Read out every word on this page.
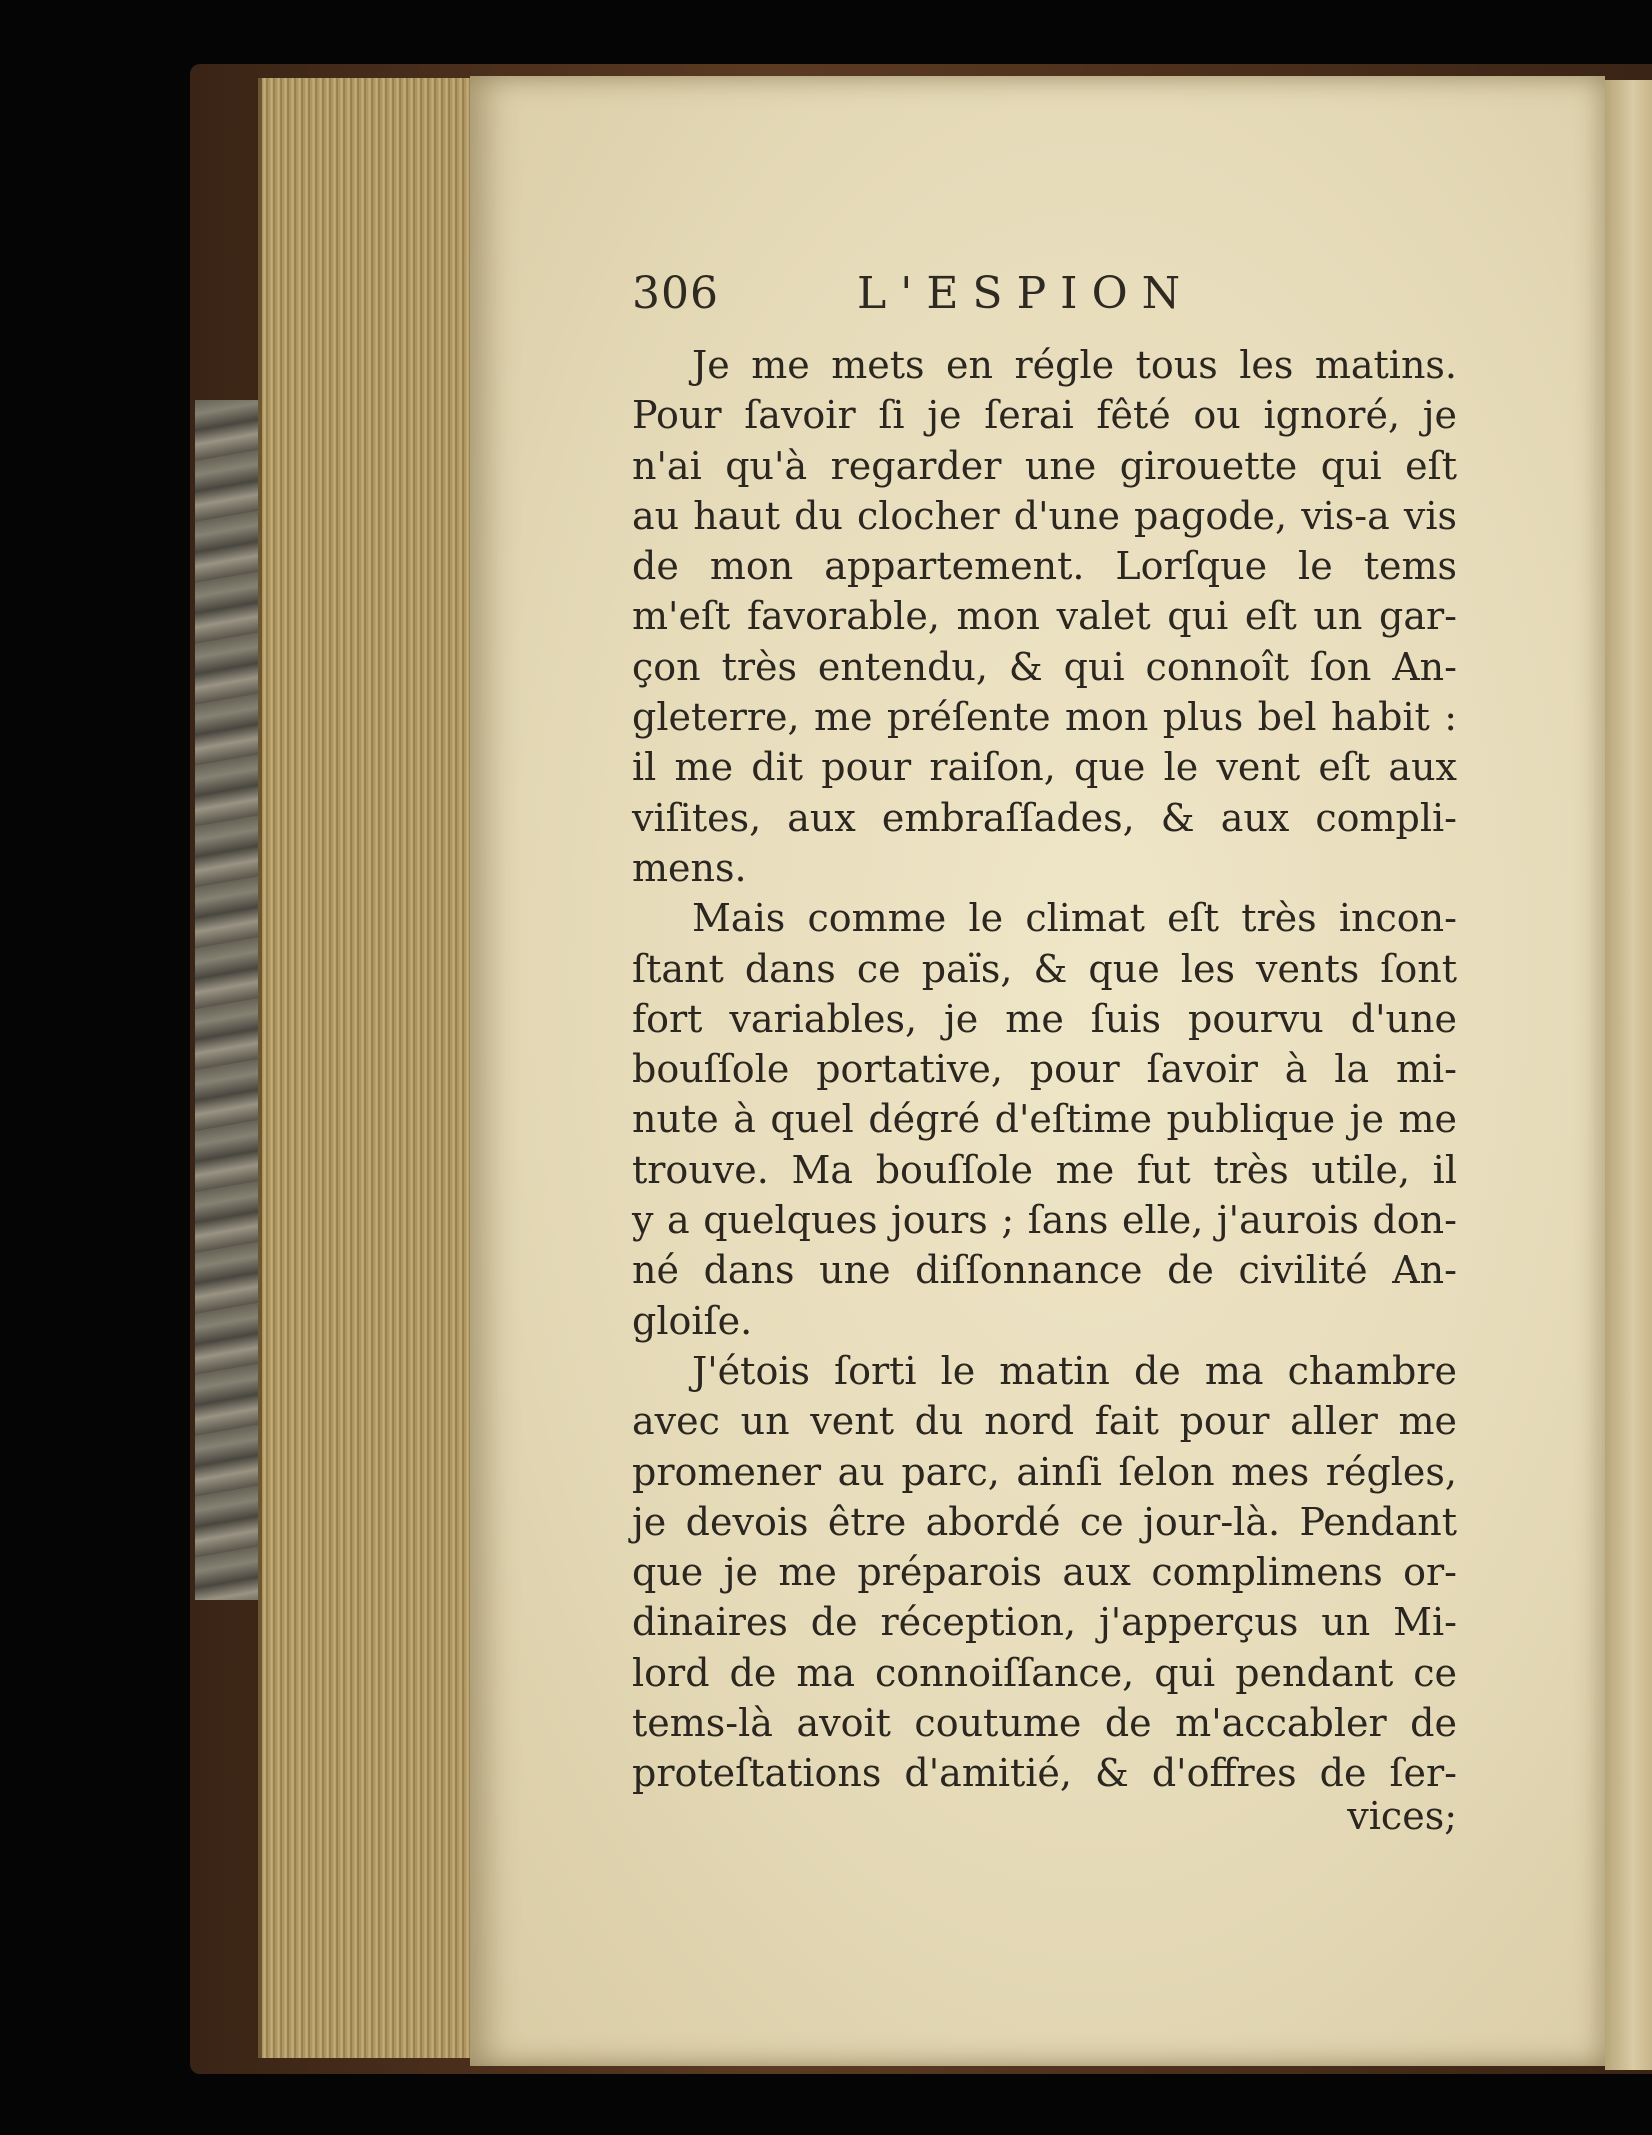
306	L'ESPION
Je me mets en régle tous les matins.
Pour ſavoir ſi je ſerai fêté ou ignoré, je
n'ai qu'à regarder une girouette qui eſt
au haut du clocher d'une pagode, vis-a vis
de mon appartement. Lorſque le tems
m'eſt favorable, mon valet qui eſt un gar-
çon très entendu, & qui connoît ſon An-
gleterre, me préſente mon plus bel habit :
il me dit pour raiſon, que le vent eſt aux
viſites, aux embraſſades, & aux compli-
mens.
Mais comme le climat eſt très incon-
ſtant dans ce païs, & que les vents ſont
fort variables, je me ſuis pourvu d'une
bouſſole portative, pour ſavoir à la mi-
nute à quel dégré d'eſtime publique je me
trouve. Ma bouſſole me fut très utile, il
y a quelques jours ; ſans elle, j'aurois don-
né dans une diſſonnance de civilité An-
gloiſe.
J'étois ſorti le matin de ma chambre
avec un vent du nord fait pour aller me
promener au parc, ainſi ſelon mes régles,
je devois être abordé ce jour-là. Pendant
que je me préparois aux complimens or-
dinaires de réception, j'apperçus un Mi-
lord de ma connoiſſance, qui pendant ce
tems-là avoit coutume de m'accabler de
proteſtations d'amitié, & d'offres de ſer-
vices;
